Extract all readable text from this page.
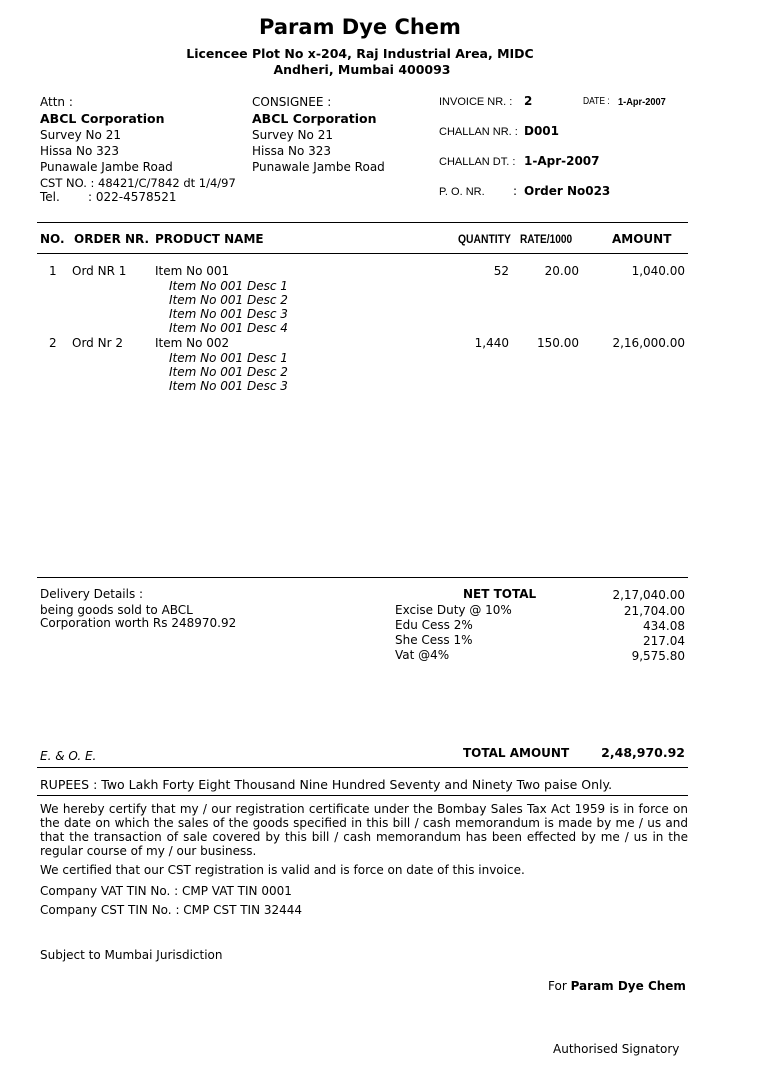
Param Dye Chem
Licencee Plot No x-204, Raj Industrial Area, MIDC
Andheri, Mumbai 400093
Attn :
ABCL Corporation
Survey No 21
Hissa No 323
Punawale Jambe Road
CST NO. : 48421/C/7842 dt 1/4/97
Tel. : 022-4578521
CONSIGNEE :
ABCL Corporation
Survey No 21
Hissa No 323
Punawale Jambe Road
INVOICE NR. : 2	DATE : 1-Apr-2007
CHALLAN NR. : D001
CHALLAN DT. : 1-Apr-2007
P. O. NR. : Order No023
NO. ORDER NR. PRODUCT NAME	QUANTITY RATE/1000	AMOUNT
1 Ord NR 1 Item No 001	52	20.00	1,040.00
Item No 001 Desc 1
Item No 001 Desc 2
Item No 001 Desc 3
Item No 001 Desc 4
2 Ord Nr 2	Item No 002	1,440	150.00	2,16,000.00
Item No 001 Desc 1
Item No 001 Desc 2
Item No 001 Desc 3
Delivery Details :
being goods sold to ABCL
Corporation worth Rs 248970.92
NET TOTAL	2,17,040.00
Excise Duty @ 10%	21,704.00
Edu Cess 2%	434.08
She Cess 1%	217.04
Vat @4%	9,575.80
E. & O. E.	TOTAL AMOUNT	2,48,970.92
RUPEES : Two Lakh Forty Eight Thousand Nine Hundred Seventy and Ninety Two paise Only.
We hereby certify that my / our registration certificate under the Bombay Sales Tax Act 1959 is in force on the date on which the sales of the goods specified in this bill / cash memorandum is made by me / us and that the transaction of sale covered by this bill / cash memorandum has been effected by me / us in the regular course of my / our business.
We certified that our CST registration is valid and is force on date of this invoice.
Company VAT TIN No. : CMP VAT TIN 0001
Company CST TIN No. : CMP CST TIN 32444
Subject to Mumbai Jurisdiction
For Param Dye Chem
Authorised Signatory
